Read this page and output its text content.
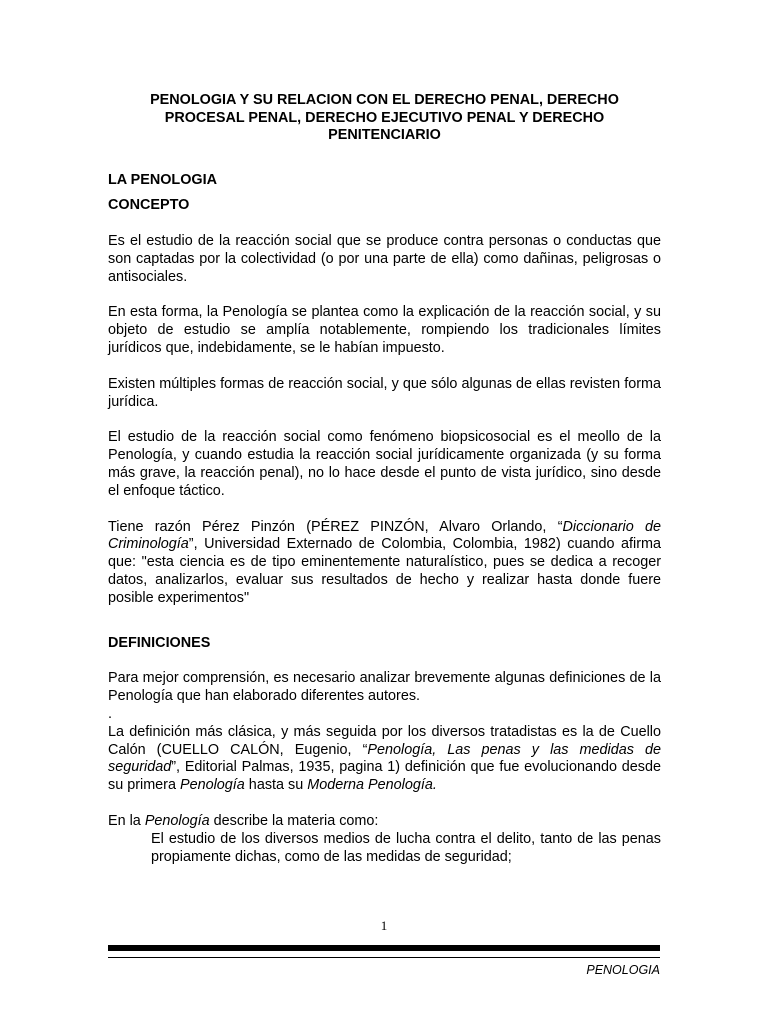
PENOLOGIA Y SU RELACION CON EL DERECHO PENAL, DERECHO PROCESAL PENAL, DERECHO EJECUTIVO PENAL Y DERECHO PENITENCIARIO
LA PENOLOGIA
CONCEPTO

Es el estudio de la reacción social que se produce contra personas o conductas que son captadas por la colectividad (o por una parte de ella) como dañinas, peligrosas o antisociales.

En esta forma, la Penología se plantea como la explicación de la reacción social, y su objeto de estudio se amplía notablemente, rompiendo los tradicionales límites jurídicos que, indebidamente, se le habían impuesto.

Existen múltiples formas de reacción social, y que sólo algunas de ellas revisten forma jurídica.

El estudio de la reacción social como fenómeno biopsicosocial es el meollo de la Penología, y cuando estudia la reacción social jurídicamente organizada (y su forma más grave, la reacción penal), no lo hace desde el punto de vista jurídico, sino desde el enfoque táctico.

Tiene razón Pérez Pinzón (PÉREZ PINZÓN, Alvaro Orlando, “Diccionario de Criminología”, Universidad Externado de Colombia, Colombia, 1982) cuando afirma que: "esta ciencia es de tipo eminentemente naturalístico, pues se dedica a recoger datos, analizarlos, evaluar sus resultados de hecho y realizar hasta donde fuere posible experimentos"

DEFINICIONES

Para mejor comprensión, es necesario analizar brevemente algunas definiciones de la Penología que han elaborado diferentes autores.

.

La definición más clásica, y más seguida por los diversos tratadistas es la de Cuello Calón (CUELLO CALÓN, Eugenio, “Penología, Las penas y las medidas de seguridad”, Editorial Palmas, 1935, pagina 1) definición que fue evolucionando desde su primera Penología hasta su Moderna Penología.

En la Penología describe la materia como:

El estudio de los diversos medios de lucha contra el delito, tanto de las penas propiamente dichas, como de las medidas de seguridad;

1
PENOLOGIA
